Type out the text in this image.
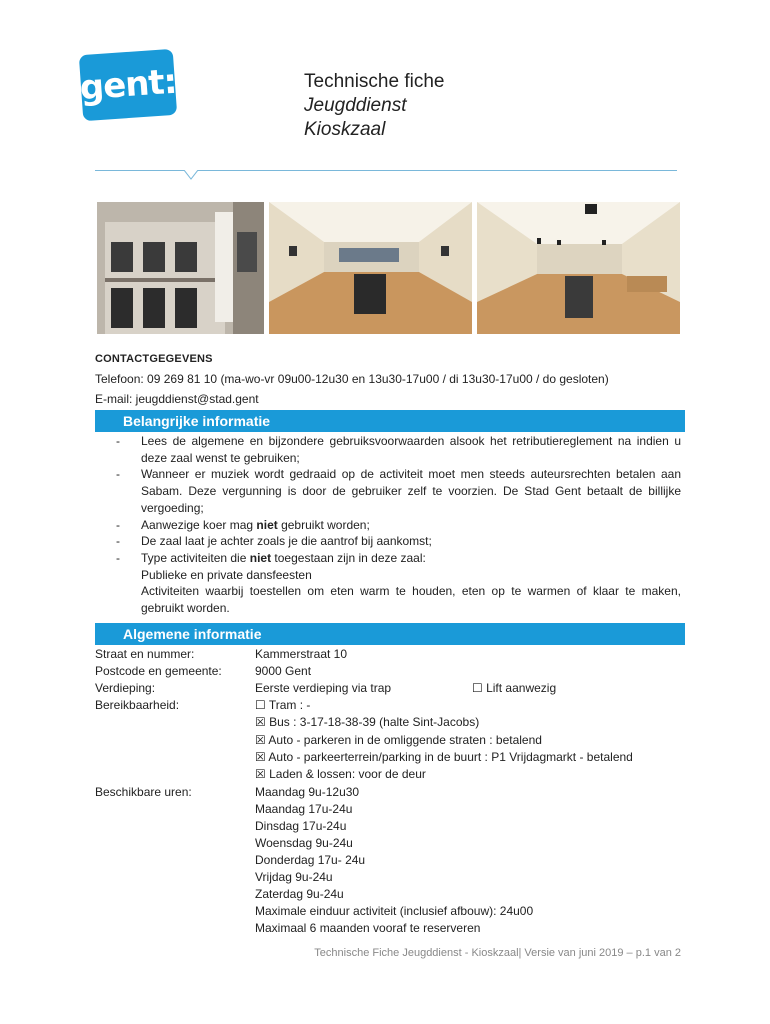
gent:	Technische fiche
Jeugddienst
Kioskzaal
CONTACTGEGEVENS
Telefoon: 09 269 81 10 (ma-wo-vr 09u00-12u30 en 13u30-17u00 / di 13u30-17u00 / do gesloten)
E-mail: jeugddienst@stad.gent
Belangrijke informatie
- Lees de algemene en bijzondere gebruiksvoorwaarden alsook het retributiereglement na indien u deze zaal wenst te gebruiken;
- Wanneer er muziek wordt gedraaid op de activiteit moet men steeds auteursrechten betalen aan Sabam. Deze vergunning is door de gebruiker zelf te voorzien. De Stad Gent betaalt de billijke vergoeding;
- Aanwezige koer mag niet gebruikt worden;
- De zaal laat je achter zoals je die aantrof bij aankomst;
- Type activiteiten die niet toegestaan zijn in deze zaal:
Publieke en private dansfeesten
Activiteiten waarbij toestellen om eten warm te houden, eten op te warmen of klaar te maken, gebruikt worden.
Algemene informatie
Straat en nummer:	Kammerstraat 10
Postcode en gemeente:	9000 Gent
Verdieping:	Eerste verdieping via trap	☐ Lift aanwezig
Bereikbaarheid:	☐ Tram : -
☒ Bus : 3-17-18-38-39 (halte Sint-Jacobs)
☒ Auto - parkeren in de omliggende straten : betalend
☒ Auto - parkeerterrein/parking in de buurt : P1 Vrijdagmarkt - betalend
☒ Laden & lossen: voor de deur
Beschikbare uren:	Maandag 9u-12u30
Maandag 17u-24u
Dinsdag 17u-24u
Woensdag 9u-24u
Donderdag 17u- 24u
Vrijdag 9u-24u
Zaterdag 9u-24u
Maximale einduur activiteit (inclusief afbouw): 24u00
Maximaal 6 maanden vooraf te reserveren
Technische Fiche Jeugddienst - Kioskzaal| Versie van juni 2019 – p.1 van 2
